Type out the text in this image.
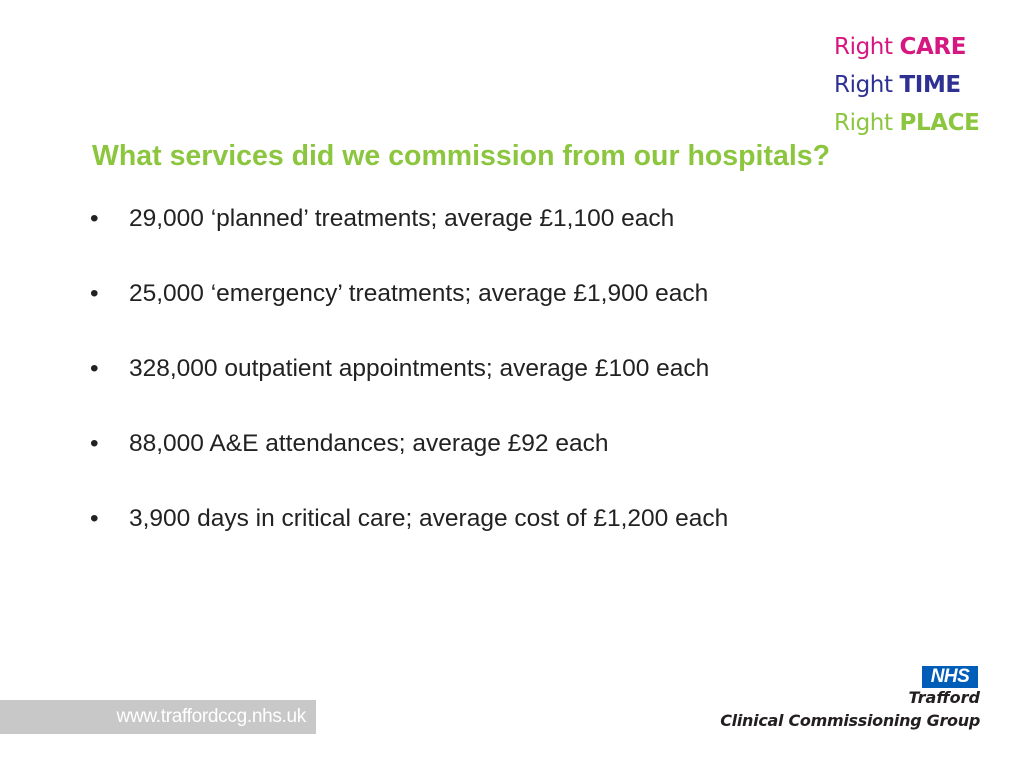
Right CARE
Right TIME
Right PLACE
What services did we commission from our hospitals?
•	29,000 ‘planned’ treatments; average £1,100 each
•	25,000 ‘emergency’ treatments; average £1,900 each
•	328,000 outpatient appointments; average £100 each
•	88,000 A&E attendances; average £92 each
•	3,900 days in critical care; average cost of £1,200 each
www.traffordccg.nhs.uk
NHS
Trafford
Clinical Commissioning Group
